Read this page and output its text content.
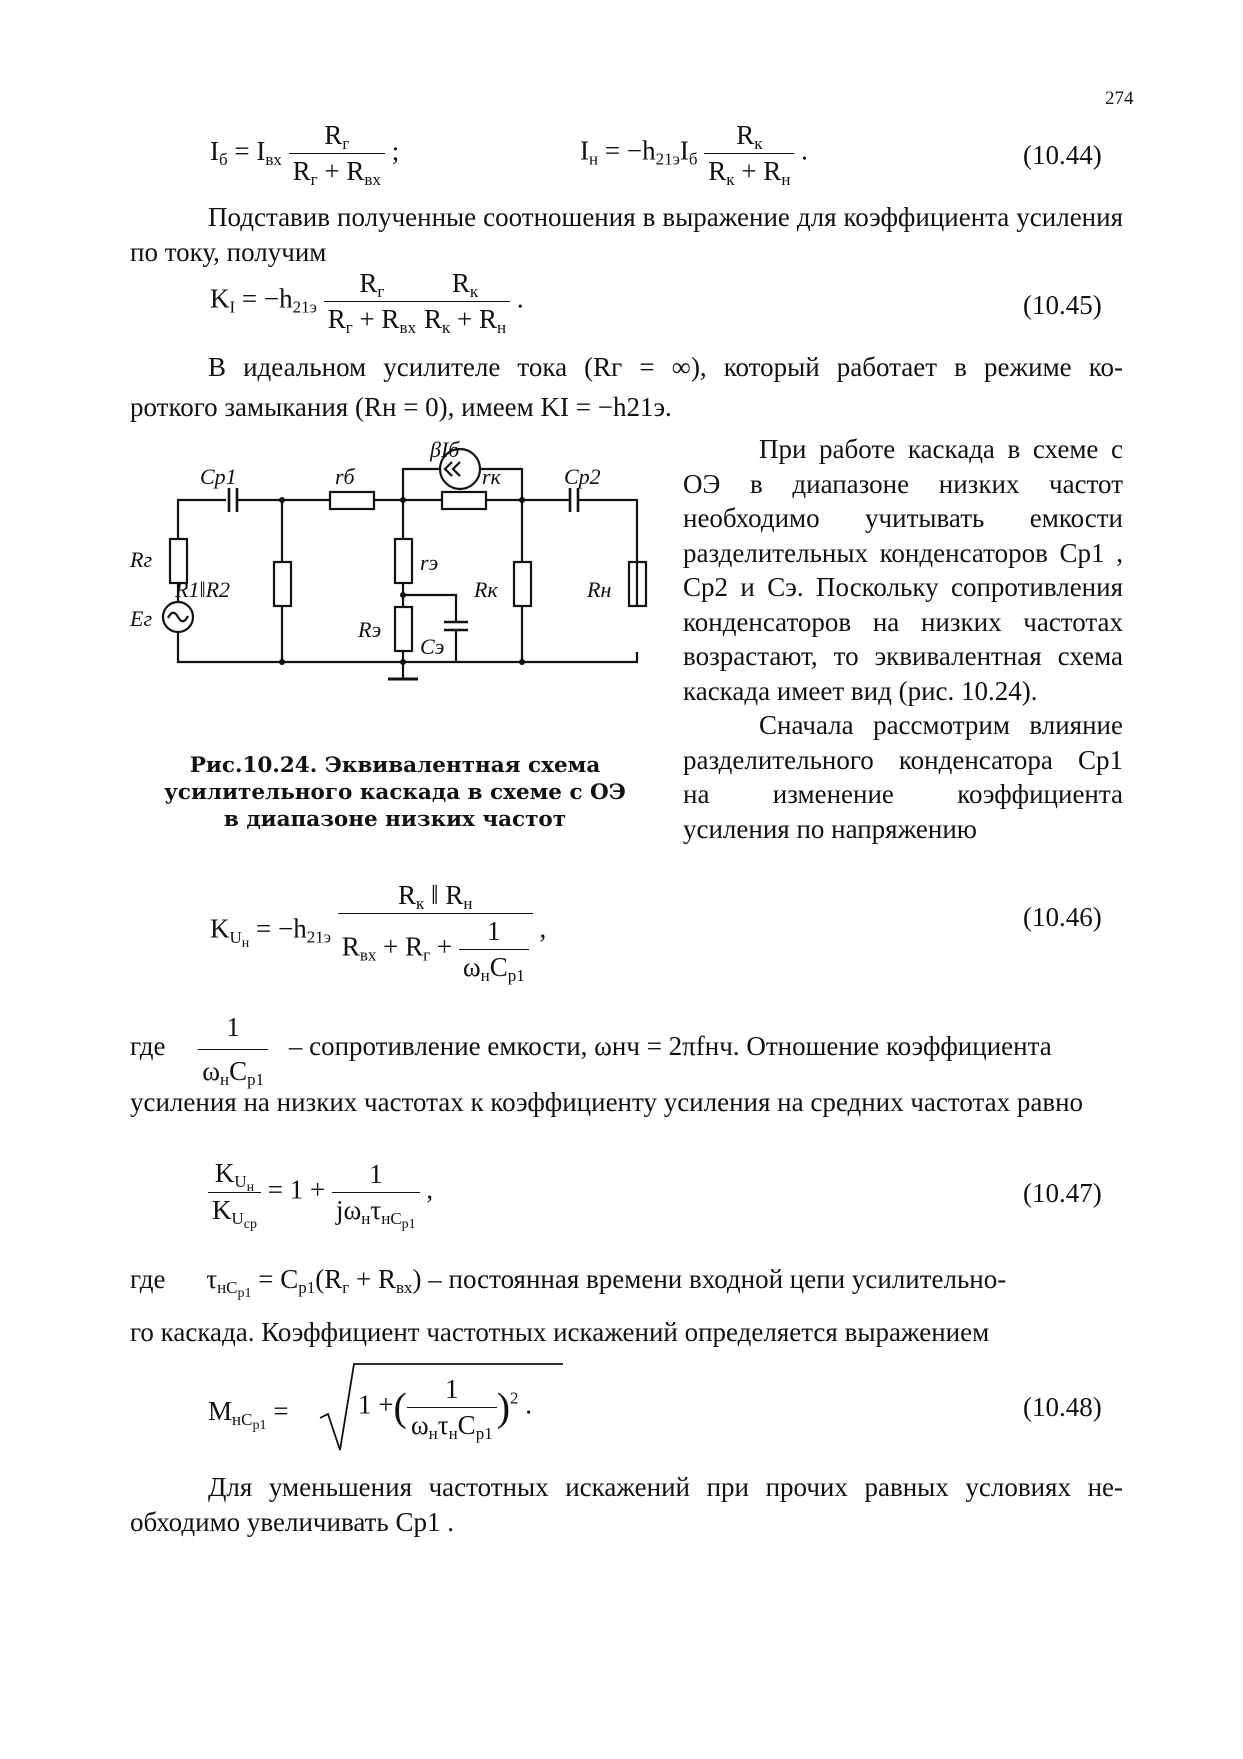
274
$I_б = I_{вх} \frac{R_г}{R_г + R_{вх}}$ ;	$I_н = -h_{21э}I_б \frac{R_к}{R_к + R_н}$ .	(10.44)
Подставив полученные соотношения в выражение для коэффициента усиления по току, получим
$K_I = -h_{21э} \frac{R_г}{R_г + R_{вх}} \frac{R_к}{R_к + R_н}$ .	(10.45)
В идеальном усилителе тока (Rг = ∞), который работает в режиме ко-
роткого замыкания (Rн = 0), имеем KI = −h21э.
βIб
Cp1	rб	rк	Cp2
Rг
R1‖R2
rэ
Rк	Rн
Eг	Rэ
Cэ
Рис.10.24. Эквивалентная схема
усилительного каскада в схеме с ОЭ
в диапазоне низких частот
При работе каскада в схеме с
ОЭ в диапазоне низких частот
необходимо учитывать емкости
разделительных конденсаторов Cp1 ,
Cp2 и Cэ. Поскольку сопротивления
конденсаторов на низких частотах
возрастают, то эквивалентная схема
каскада имеет вид (рис. 10.24).
Сначала рассмотрим влияние
разделительного конденсатора Cp1
на изменение коэффициента
усиления по напряжению
$K_{U_н} = -h_{21э} \frac{R_к ‖ R_н}{R_{вх} + R_г + \frac{1}{\omega_нC_{p1}}}$ ,	(10.46)
где $\frac{1}{\omega_нC_{p1}}$ – сопротивление емкости, ωнч = 2πfнч. Отношение коэффициента
усиления на низких частотах к коэффициенту усиления на средних частотах равно
$\frac{K_{U_н}}{K_{U_{ср}}} = 1 + \frac{1}{j\omega_н\tau_{нC_{p1}}}$ ,	(10.47)
где $\tau_{нC_{p1}} = C_{p1}(R_г + R_{вх})$ – постоянная времени входной цепи усилительно-
го каскада. Коэффициент частотных искажений определяется выражением
$M_{нC_{p1}}$ =	1 +( $\frac{1}{\omega_н\tau_нC_{p1}} )^2$ .	(10.48)
Для уменьшения частотных искажений при прочих равных условиях не-
обходимо увеличивать Cp1 .
